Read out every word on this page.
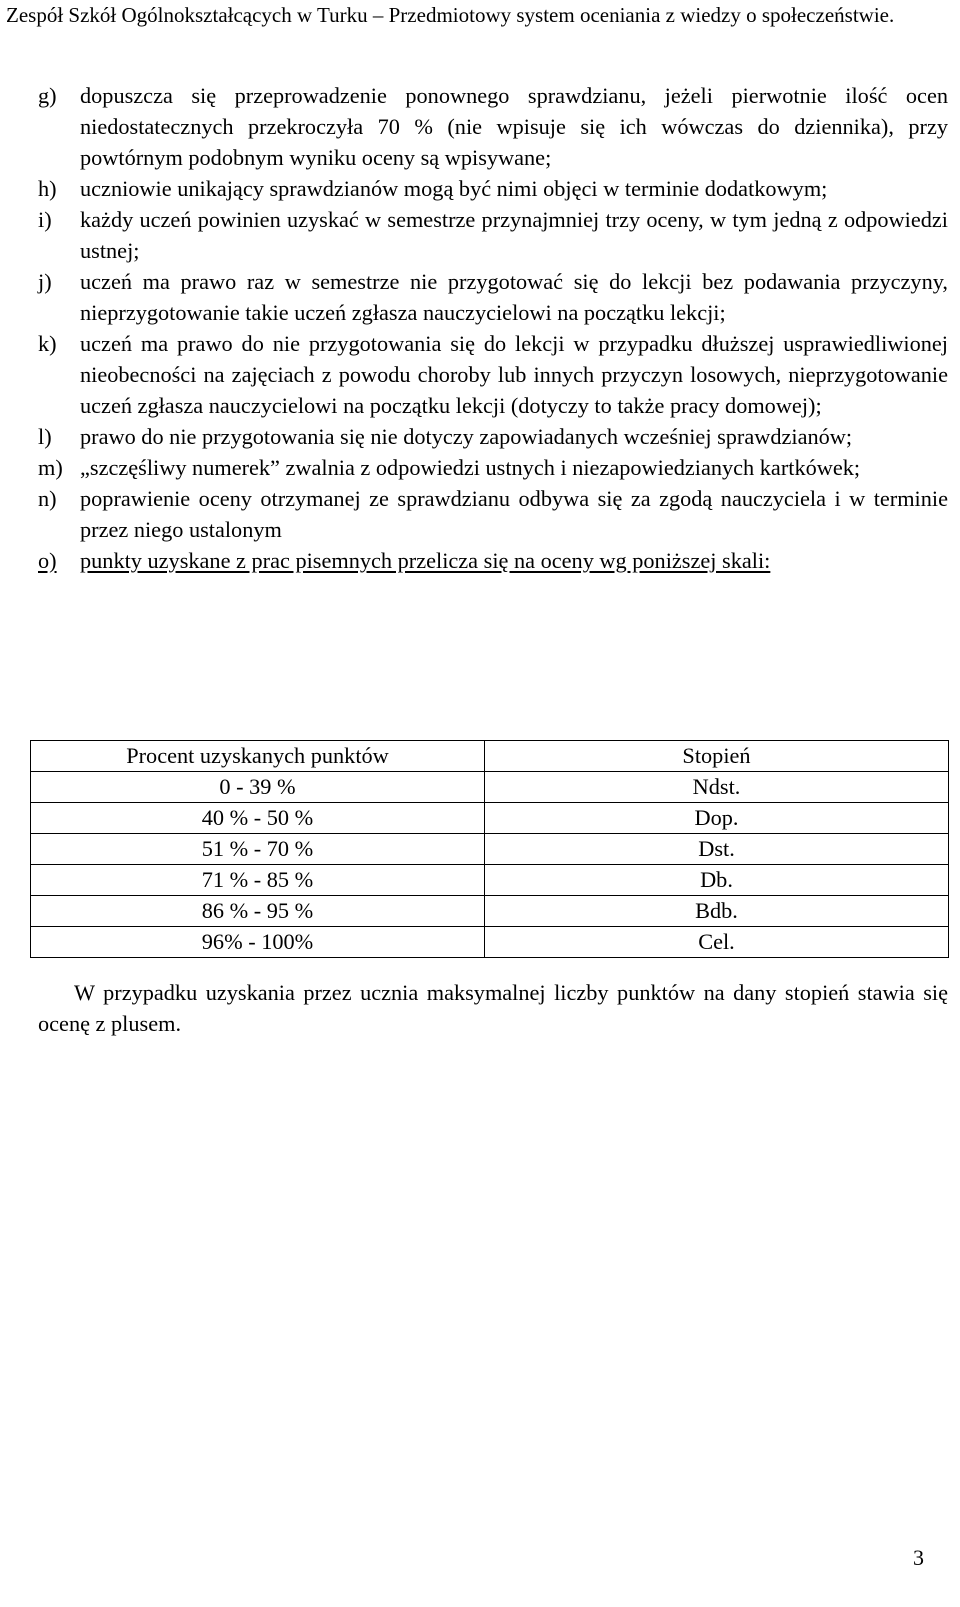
Zespół Szkół Ogólnokształcących w Turku – Przedmiotowy system oceniania z wiedzy o społeczeństwie.
g)	dopuszcza się przeprowadzenie ponownego sprawdzianu, jeżeli pierwotnie ilość ocen niedostatecznych przekroczyła 70 % (nie wpisuje się ich wówczas do dziennika), przy powtórnym podobnym wyniku oceny są wpisywane;
h)	uczniowie unikający sprawdzianów mogą być nimi objęci w terminie dodatkowym;
i)	każdy uczeń powinien uzyskać w semestrze przynajmniej trzy oceny, w tym jedną z odpowiedzi ustnej;
j)	uczeń ma prawo raz w semestrze nie przygotować się do lekcji bez podawania przyczyny, nieprzygotowanie takie uczeń zgłasza nauczycielowi na początku lekcji;
k)	uczeń ma prawo do nie przygotowania się do lekcji w przypadku dłuższej usprawiedliwionej nieobecności na zajęciach z powodu choroby lub innych przyczyn losowych, nieprzygotowanie uczeń zgłasza nauczycielowi na początku lekcji (dotyczy to także pracy domowej);
l)	prawo do nie przygotowania się nie dotyczy zapowiadanych wcześniej sprawdzianów;
m) „szczęśliwy numerek” zwalnia z odpowiedzi ustnych i niezapowiedzianych kartkówek;
n)	poprawienie oceny otrzymanej ze sprawdzianu odbywa się za zgodą nauczyciela i w terminie przez niego ustalonym
o)	punkty uzyskane z prac pisemnych przelicza się na oceny wg poniższej skali:
Procent uzyskanych punktów	Stopień
0 - 39 %	Ndst.
40 % - 50 %	Dop.
51 % - 70 %	Dst.
71 % - 85 %	Db.
86 % - 95 %	Bdb.
96% - 100%	Cel.

W przypadku uzyskania przez ucznia maksymalnej liczby punktów na dany stopień stawia się ocenę z plusem.

3
